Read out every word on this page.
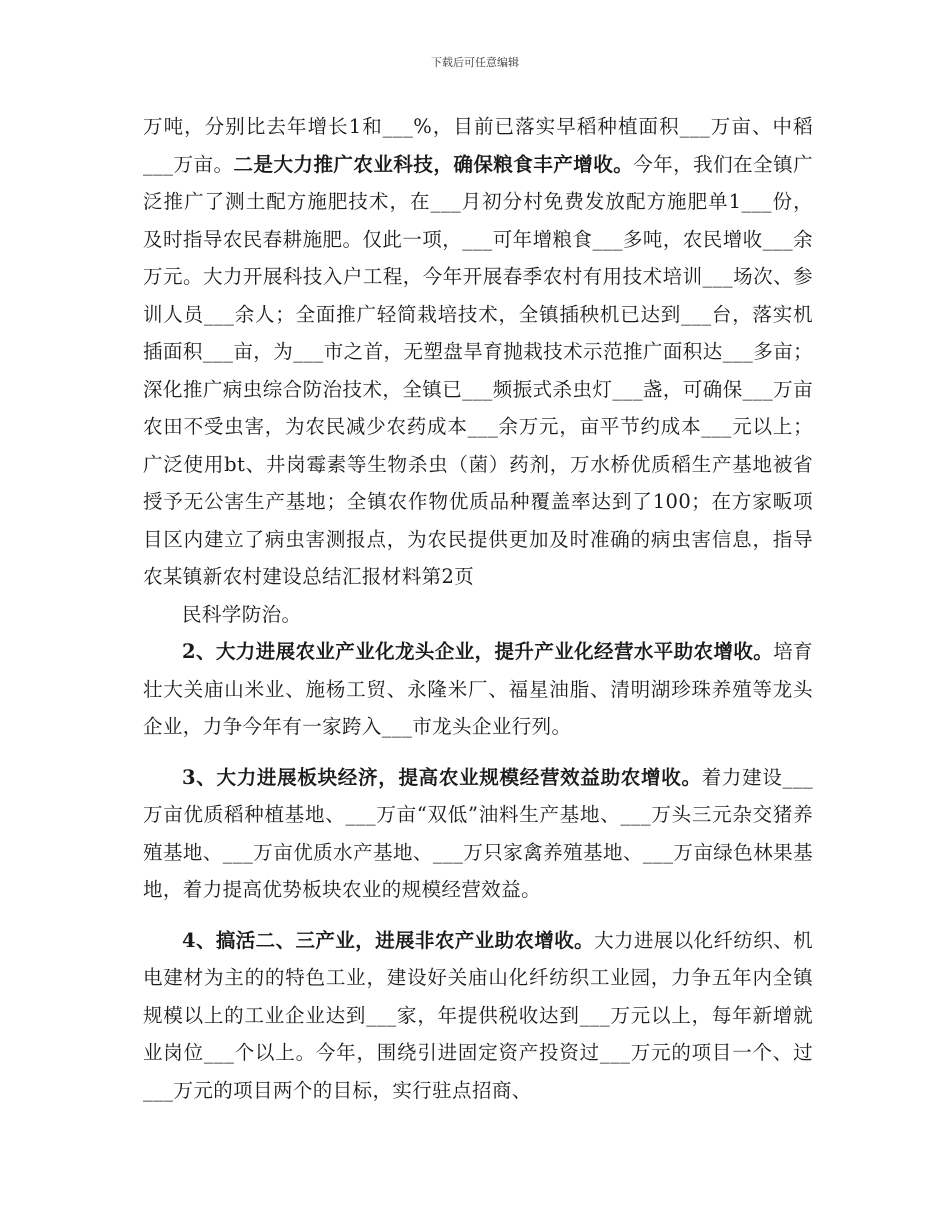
下载后可任意编辑

万吨，分别比去年增长1和___%，目前已落实早稻种植面积___万亩、中稻___万亩。二是大力推广农业科技，确保粮食丰产增收。今年，我们在全镇广泛推广了测土配方施肥技术，在___月初分村免费发放配方施肥单1___份，及时指导农民春耕施肥。仅此一项，___可年增粮食___多吨，农民增收___余万元。大力开展科技入户工程，今年开展春季农村有用技术培训___场次、参训人员___余人；全面推广轻简栽培技术，全镇插秧机已达到___台，落实机插面积___亩，为___市之首，无塑盘旱育抛栽技术示范推广面积达___多亩；深化推广病虫综合防治技术，全镇已___频振式杀虫灯___盏，可确保___万亩农田不受虫害，为农民减少农药成本___余万元，亩平节约成本___元以上；广泛使用bt、井岗霉素等生物杀虫（菌）药剂，万水桥优质稻生产基地被省授予无公害生产基地；全镇农作物优质品种覆盖率达到了100；在方家畈项目区内建立了病虫害测报点，为农民提供更加及时准确的病虫害信息，指导农某镇新农村建设总结汇报材料第2页

民科学防治。

2、大力进展农业产业化龙头企业，提升产业化经营水平助农增收。培育壮大关庙山米业、施杨工贸、永隆米厂、福星油脂、清明湖珍珠养殖等龙头企业，力争今年有一家跨入___市龙头企业行列。

3、大力进展板块经济，提高农业规模经营效益助农增收。着力建设___万亩优质稻种植基地、___万亩“双低”油料生产基地、___万头三元杂交猪养殖基地、___万亩优质水产基地、___万只家禽养殖基地、___万亩绿色林果基地，着力提高优势板块农业的规模经营效益。

4、搞活二、三产业，进展非农产业助农增收。大力进展以化纤纺织、机电建材为主的的特色工业，建设好关庙山化纤纺织工业园，力争五年内全镇规模以上的工业企业达到___家，年提供税收达到___万元以上，每年新增就业岗位___个以上。今年，围绕引进固定资产投资过___万元的项目一个、过___万元的项目两个的目标，实行驻点招商、
